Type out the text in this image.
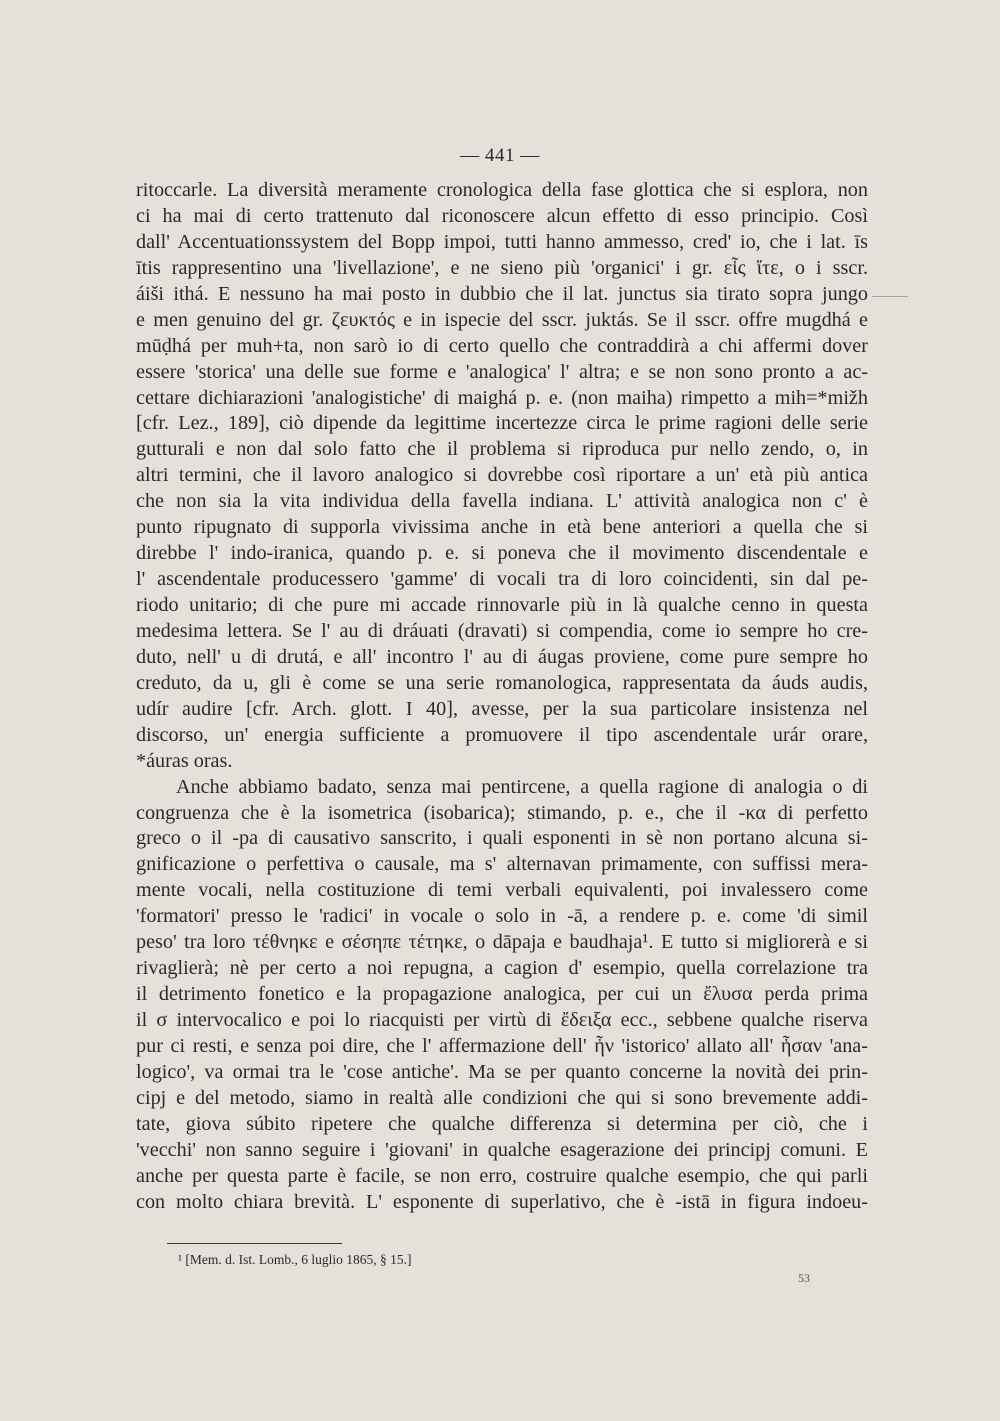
— 441 —
ritoccarle. La diversità meramente cronologica della fase glottica che si esplora, non
ci ha mai di certo trattenuto dal riconoscere alcun effetto di esso principio. Così
dall' Accentuationssystem del Bopp impoi, tutti hanno ammesso, cred' io, che i lat. īs
ītis rappresentino una 'livellazione', e ne sieno più 'organici' i gr. εἷς ἴτε, o i sscr.
áiši ithá. E nessuno ha mai posto in dubbio che il lat. junctus sia tirato sopra jungo
e men genuino del gr. ζευκτός e in ispecie del sscr. juktás. Se il sscr. offre mugdhá e
mūḍhá per muh+ta, non sarò io di certo quello che contraddirà a chi affermi dover
essere 'storica' una delle sue forme e 'analogica' l' altra; e se non sono pronto a ac-
cettare dichiarazioni 'analogistiche' di maighá p. e. (non maiha) rimpetto a mih=*mižh
[cfr. Lez., 189], ciò dipende da legittime incertezze circa le prime ragioni delle serie
gutturali e non dal solo fatto che il problema si riproduca pur nello zendo, o, in
altri termini, che il lavoro analogico si dovrebbe così riportare a un' età più antica
che non sia la vita individua della favella indiana. L' attività analogica non c' è
punto ripugnato di supporla vivissima anche in età bene anteriori a quella che si
direbbe l' indo-iranica, quando p. e. si poneva che il movimento discendentale e
l' ascendentale producessero 'gamme' di vocali tra di loro coincidenti, sin dal pe-
riodo unitario; di che pure mi accade rinnovarle più in là qualche cenno in questa
medesima lettera. Se l' au di dráuati (dravati) si compendia, come io sempre ho cre-
duto, nell' u di drutá, e all' incontro l' au di áugas proviene, come pure sempre ho
creduto, da u, gli è come se una serie romanologica, rappresentata da áuds audis,
udír audire [cfr. Arch. glott. I 40], avesse, per la sua particolare insistenza nel
discorso, un' energia sufficiente a promuovere il tipo ascendentale urár orare,
*áuras oras.
Anche abbiamo badato, senza mai pentircene, a quella ragione di analogia o di
congruenza che è la isometrica (isobarica); stimando, p. e., che il -κα di perfetto
greco o il -pa di causativo sanscrito, i quali esponenti in sè non portano alcuna si-
gnificazione o perfettiva o causale, ma s' alternavan primamente, con suffissi mera-
mente vocali, nella costituzione di temi verbali equivalenti, poi invalessero come
'formatori' presso le 'radici' in vocale o solo in -ā, a rendere p. e. come 'di simil
peso' tra loro τέθνηκε e σέσηπε τέτηκε, o dāpaja e baudhaja¹. E tutto si migliorerà e si
rivaglierà; nè per certo a noi repugna, a cagion d' esempio, quella correlazione tra
il detrimento fonetico e la propagazione analogica, per cui un ἔλυσα perda prima
il σ intervocalico e poi lo riacquisti per virtù di ἔδειξα ecc., sebbene qualche riserva
pur ci resti, e senza poi dire, che l' affermazione dell' ἦν 'istorico' allato all' ἦσαν 'ana-
logico', va ormai tra le 'cose antiche'. Ma se per quanto concerne la novità dei prin-
cipj e del metodo, siamo in realtà alle condizioni che qui si sono brevemente addi-
tate, giova súbito ripetere che qualche differenza si determina per ciò, che i
'vecchi' non sanno seguire i 'giovani' in qualche esagerazione dei principj comuni. E
anche per questa parte è facile, se non erro, costruire qualche esempio, che qui parli
con molto chiara brevità. L' esponente di superlativo, che è -istā in figura indoeu-
¹ [Mem. d. Ist. Lomb., 6 luglio 1865, § 15.]
53
